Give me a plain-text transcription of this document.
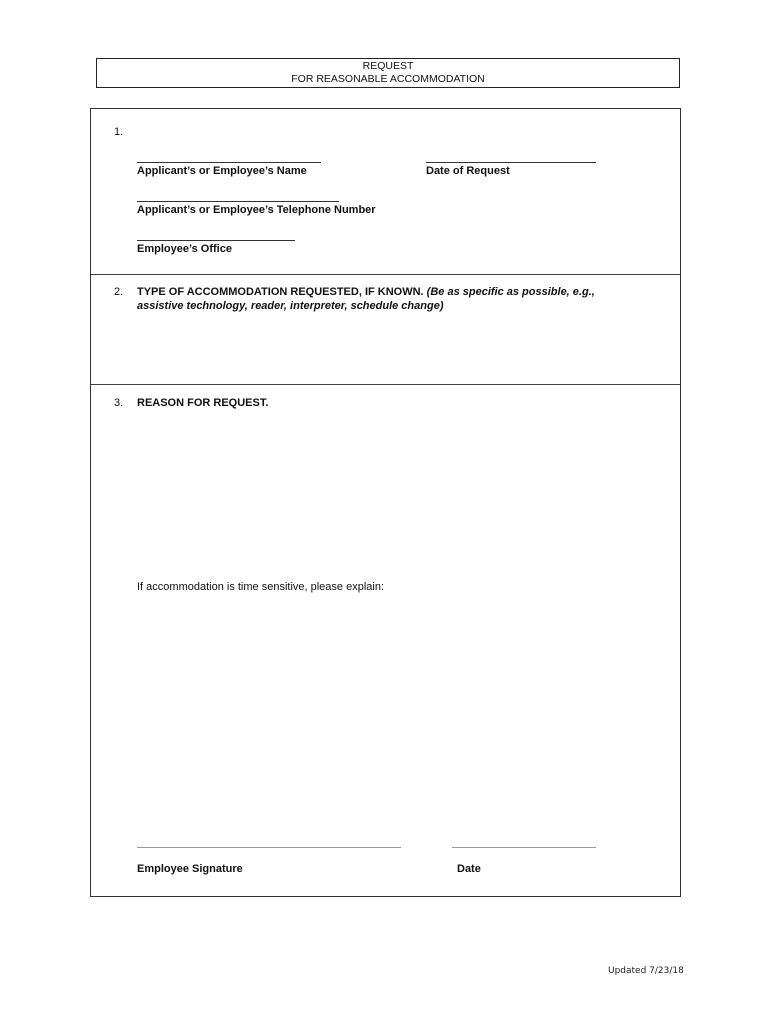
REQUEST
FOR REASONABLE ACCOMMODATION
1.
Applicant’s or Employee’s Name	Date of Request
Applicant’s or Employee’s Telephone Number
Employee’s Office
2. TYPE OF ACCOMMODATION REQUESTED, IF KNOWN. (Be as specific as possible, e.g.,
assistive technology, reader, interpreter, schedule change)
3. REASON FOR REQUEST.
If accommodation is time sensitive, please explain:
Employee Signature	Date
Updated 7/23/18
